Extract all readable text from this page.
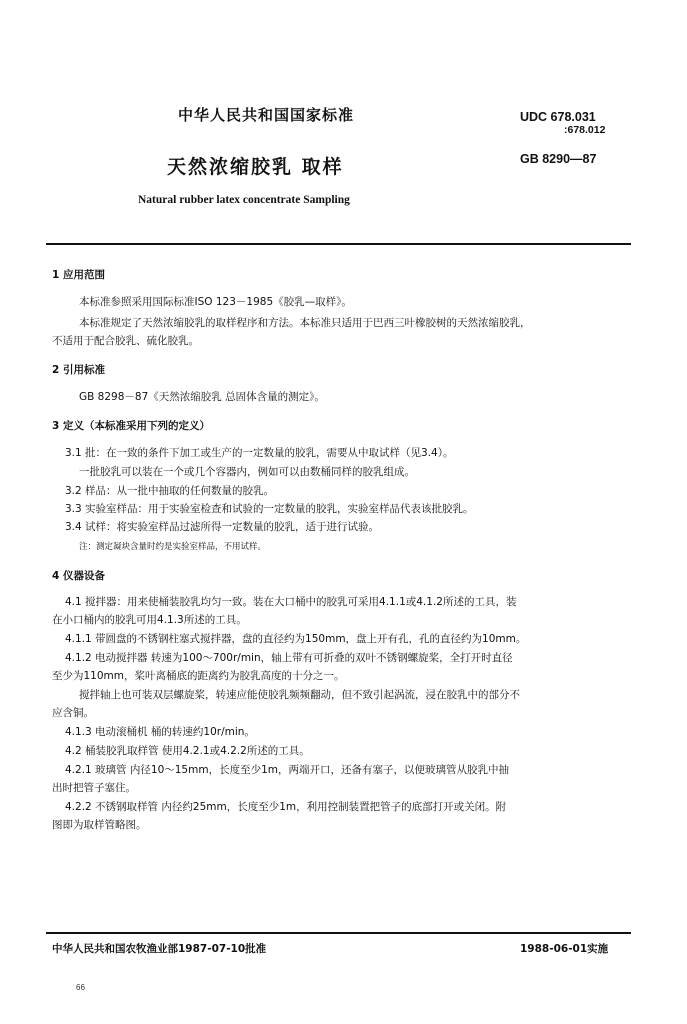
中华人民共和国国家标准	UDC 678.031
:678.012
GB 8290—87
天然浓缩胶乳 取样
Natural rubber latex concentrate Sampling
1 应用范围
本标准参照采用国际标准ISO 123－1985《胶乳—取样》。
本标准规定了天然浓缩胶乳的取样程序和方法。本标准只适用于巴西三叶橡胶树的天然浓缩胶乳，
不适用于配合胶乳、硫化胶乳。
2 引用标准
GB 8298－87《天然浓缩胶乳 总固体含量的测定》。
3 定义（本标准采用下列的定义）
3.1 批：在一致的条件下加工或生产的一定数量的胶乳，需要从中取试样（见3.4）。
一批胶乳可以装在一个或几个容器内，例如可以由数桶同样的胶乳组成。
3.2 样品：从一批中抽取的任何数量的胶乳。
3.3 实验室样品：用于实验室检查和试验的一定数量的胶乳，实验室样品代表该批胶乳。
3.4 试样：将实验室样品过滤所得一定数量的胶乳，适于进行试验。
注：测定凝块含量时约是实验室样品，不用试样。
4 仪器设备
4.1 搅拌器：用来使桶装胶乳均匀一致。装在大口桶中的胶乳可采用4.1.1或4.1.2所述的工具，装
在小口桶内的胶乳可用4.1.3所述的工具。
4.1.1 带圆盘的不锈钢柱塞式搅拌器，盘的直径约为150mm，盘上开有孔，孔的直径约为10mm。
4.1.2 电动搅拌器 转速为100～700r/min，轴上带有可折叠的双叶不锈钢螺旋桨，全打开时直径
至少为110mm，桨叶离桶底的距离约为胶乳高度的十分之一。
搅拌轴上也可装双层螺旋桨，转速应能使胶乳频频翻动，但不致引起涡流，浸在胶乳中的部分不
应含铜。
4.1.3 电动滚桶机 桶的转速约10r/min。
4.2 桶装胶乳取样管 使用4.2.1或4.2.2所述的工具。
4.2.1 玻璃管 内径10～15mm，长度至少1m，两端开口，还备有塞子，以便玻璃管从胶乳中抽
出时把管子塞住。
4.2.2 不锈钢取样管 内径约25mm，长度至少1m，利用控制装置把管子的底部打开或关闭。附
图即为取样管略图。
中华人民共和国农牧渔业部1987-07-10批准	1988-06-01实施
66
